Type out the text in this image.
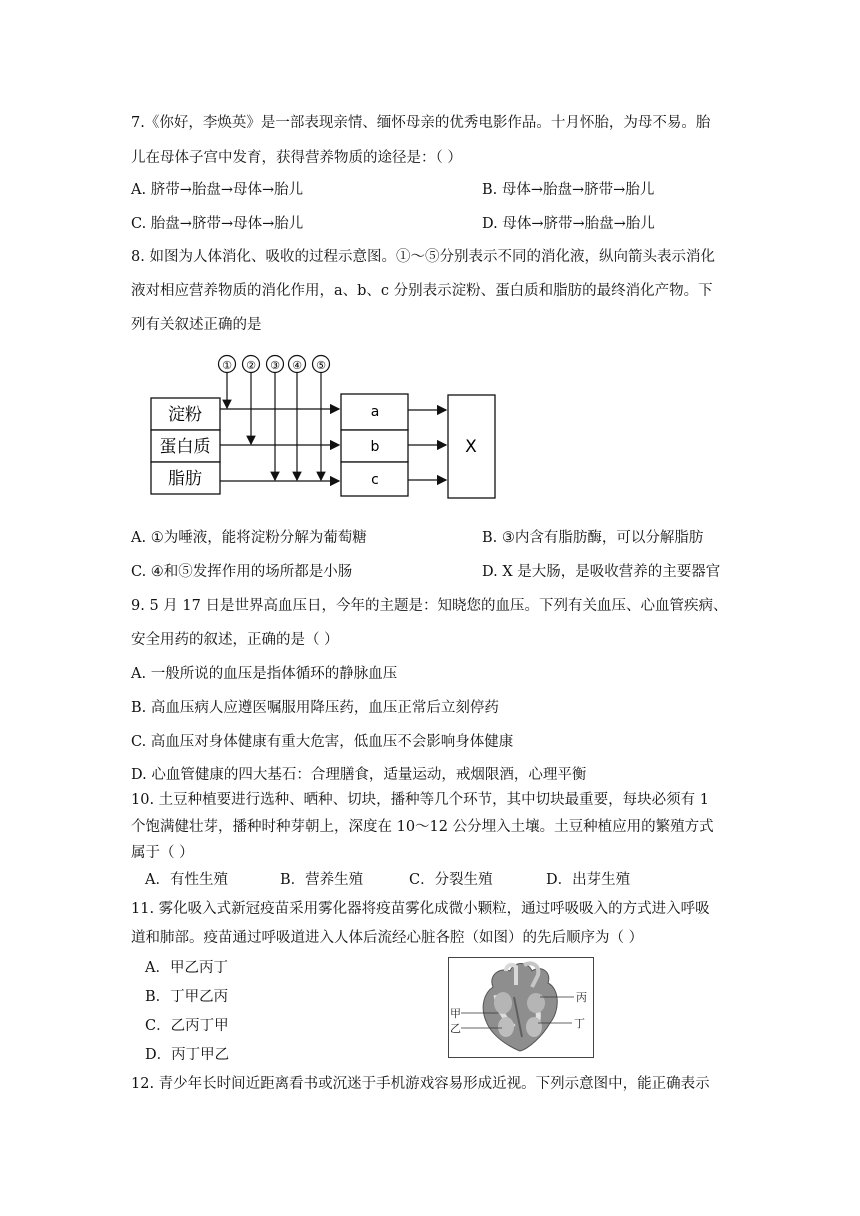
7.《你好，李焕英》是一部表现亲情、缅怀母亲的优秀电影作品。十月怀胎，为母不易。胎
儿在母体子宫中发育，获得营养物质的途径是：（ ）
A. 脐带→胎盘→母体→胎儿	B. 母体→胎盘→脐带→胎儿
C. 胎盘→脐带→母体→胎儿	D. 母体→脐带→胎盘→胎儿
8. 如图为人体消化、吸收的过程示意图。①～⑤分别表示不同的消化液，纵向箭头表示消化
液对相应营养物质的消化作用，a、b、c 分别表示淀粉、蛋白质和脂肪的最终消化产物。下
列有关叙述正确的是
① ② ③ ④ ⑤
淀粉
蛋白质
脂肪
a
b
c
X
A. ①为唾液，能将淀粉分解为葡萄糖	B. ③内含有脂肪酶，可以分解脂肪
C. ④和⑤发挥作用的场所都是小肠	D. X 是大肠，是吸收营养的主要器官
9. 5 月 17 日是世界高血压日，今年的主题是：知晓您的血压。下列有关血压、心血管疾病、
安全用药的叙述，正确的是（ ）
A. 一般所说的血压是指体循环的静脉血压
B. 高血压病人应遵医嘱服用降压药，血压正常后立刻停药
C. 高血压对身体健康有重大危害，低血压不会影响身体健康
D. 心血管健康的四大基石：合理膳食，适量运动，戒烟限酒，心理平衡
10. 土豆种植要进行选种、晒种、切块，播种等几个环节，其中切块最重要，每块必须有 1
个饱满健壮芽，播种时种芽朝上，深度在 10～12 公分埋入土壤。土豆种植应用的繁殖方式
属于（ ）
A．有性生殖	B．营养生殖	C．分裂生殖	D．出芽生殖
11. 雾化吸入式新冠疫苗采用雾化器将疫苗雾化成微小颗粒，通过呼吸吸入的方式进入呼吸
道和肺部。疫苗通过呼吸道进入人体后流经心脏各腔（如图）的先后顺序为（ ）
A．甲乙丙丁
B．丁甲乙丙
C．乙丙丁甲
D．丙丁甲乙
甲
乙
丙
丁
12. 青少年长时间近距离看书或沉迷于手机游戏容易形成近视。下列示意图中，能正确表示
